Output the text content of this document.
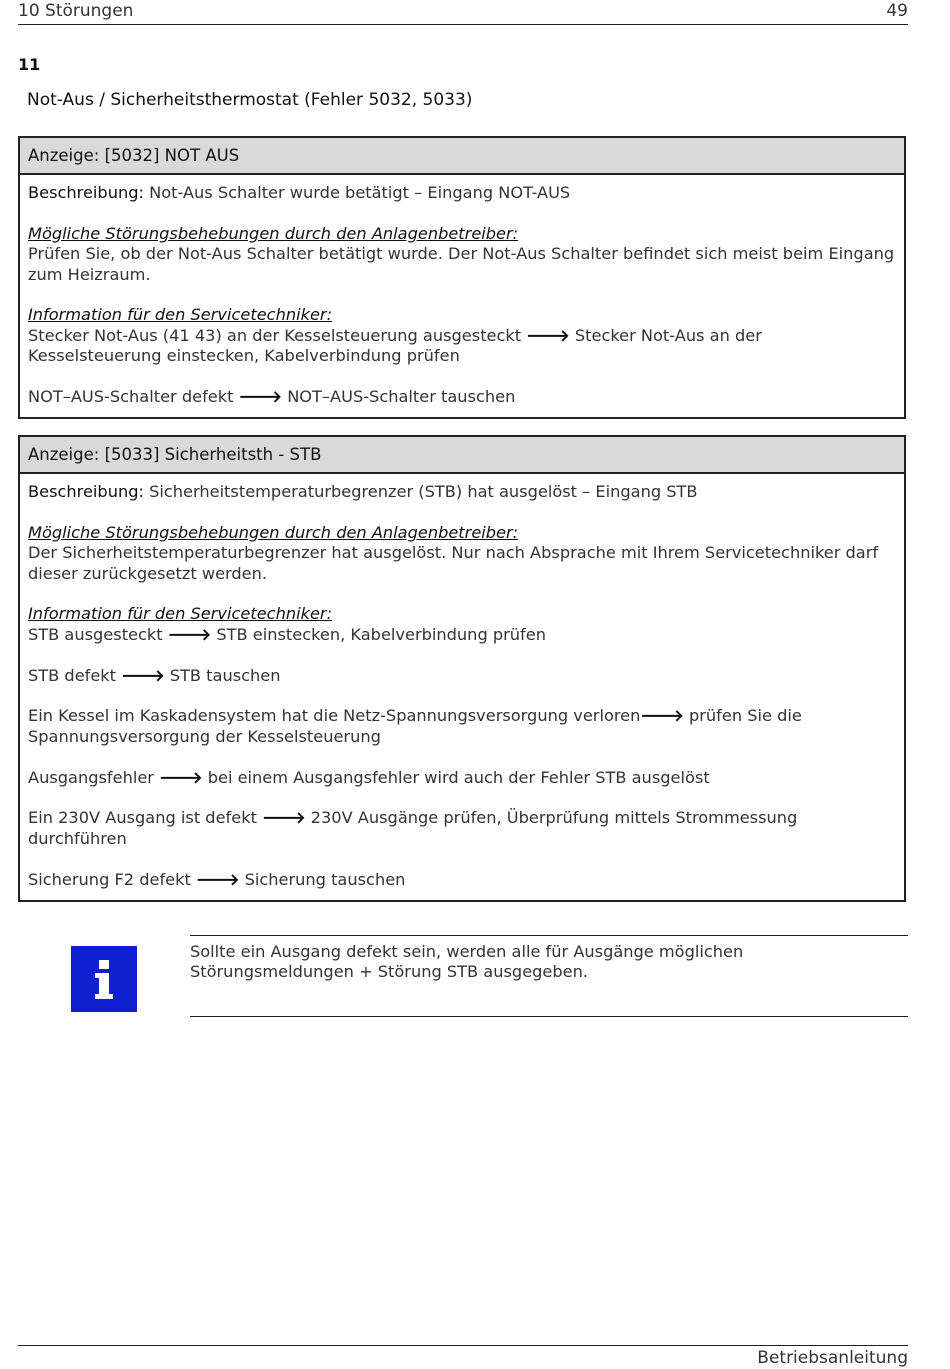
10 Störungen	49
11
Not-Aus / Sicherheitsthermostat (Fehler 5032, 5033)
Anzeige: [5032] NOT AUS

Beschreibung: Not-Aus Schalter wurde betätigt – Eingang NOT-AUS

Mögliche Störungsbehebungen durch den Anlagenbetreiber:
Prüfen Sie, ob der Not-Aus Schalter betätigt wurde. Der Not-Aus Schalter befindet sich meist beim Eingang zum Heizraum.

Information für den Servicetechniker:
Stecker Not-Aus (41 43) an der Kesselsteuerung ausgesteckt 🡒 Stecker Not-Aus an der Kesselsteuerung einstecken, Kabelverbindung prüfen

NOT–AUS-Schalter defekt 🡒 NOT–AUS-Schalter tauschen

Anzeige: [5033] Sicherheitsth - STB

Beschreibung: Sicherheitstemperaturbegrenzer (STB) hat ausgelöst – Eingang STB

Mögliche Störungsbehebungen durch den Anlagenbetreiber:
Der Sicherheitstemperaturbegrenzer hat ausgelöst. Nur nach Absprache mit Ihrem Servicetechniker darf dieser zurückgesetzt werden.

Information für den Servicetechniker:
STB ausgesteckt 🡒 STB einstecken, Kabelverbindung prüfen

STB defekt 🡒 STB tauschen

Ein Kessel im Kaskadensystem hat die Netz-Spannungsversorgung verloren🡒 prüfen Sie die Spannungsversorgung der Kesselsteuerung

Ausgangsfehler 🡒 bei einem Ausgangsfehler wird auch der Fehler STB ausgelöst

Ein 230V Ausgang ist defekt 🡒 230V Ausgänge prüfen, Überprüfung mittels Strommessung durchführen

Sicherung F2 defekt 🡒 Sicherung tauschen

Sollte ein Ausgang defekt sein, werden alle für Ausgänge möglichen Störungsmeldungen + Störung STB ausgegeben.
Betriebsanleitung
